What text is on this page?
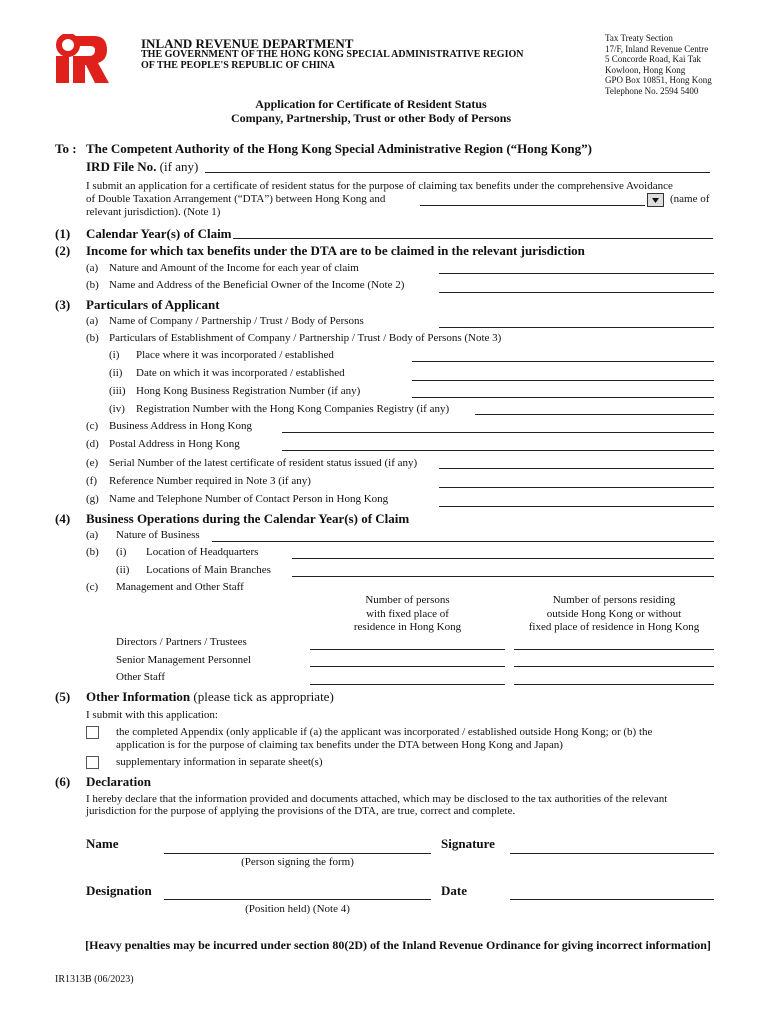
INLAND REVENUE DEPARTMENT
THE GOVERNMENT OF THE HONG KONG SPECIAL ADMINISTRATIVE REGION
OF THE PEOPLE'S REPUBLIC OF CHINA
Tax Treaty Section
17/F, Inland Revenue Centre
5 Concorde Road, Kai Tak
Kowloon, Hong Kong
GPO Box 10851, Hong Kong
Telephone No. 2594 5400
Application for Certificate of Resident Status
Company, Partnership, Trust or other Body of Persons
To : The Competent Authority of the Hong Kong Special Administrative Region (“Hong Kong”)
IRD File No. (if any)
I submit an application for a certificate of resident status for the purpose of claiming tax benefits under the comprehensive Avoidance
of Double Taxation Arrangement (“DTA”) between Hong Kong and	(name of
relevant jurisdiction). (Note 1)
(1) Calendar Year(s) of Claim
(2) Income for which tax benefits under the DTA are to be claimed in the relevant jurisdiction
(a) Nature and Amount of the Income for each year of claim
(b) Name and Address of the Beneficial Owner of the Income (Note 2)
(3) Particulars of Applicant
(a) Name of Company / Partnership / Trust / Body of Persons
(b) Particulars of Establishment of Company / Partnership / Trust / Body of Persons (Note 3)
(i) Place where it was incorporated / established
(ii) Date on which it was incorporated / established
(iii) Hong Kong Business Registration Number (if any)
(iv) Registration Number with the Hong Kong Companies Registry (if any)
(c) Business Address in Hong Kong
(d) Postal Address in Hong Kong
(e) Serial Number of the latest certificate of resident status issued (if any)
(f) Reference Number required in Note 3 (if any)
(g) Name and Telephone Number of Contact Person in Hong Kong
(4) Business Operations during the Calendar Year(s) of Claim
(a) Nature of Business
(b) (i) Location of Headquarters
(ii) Locations of Main Branches
(c) Management and Other Staff
Number of persons
with fixed place of
residence in Hong Kong
Number of persons residing
outside Hong Kong or without
fixed place of residence in Hong Kong
Directors / Partners / Trustees
Senior Management Personnel
Other Staff
(5) Other Information (please tick as appropriate)
I submit with this application:
the completed Appendix (only applicable if (a) the applicant was incorporated / established outside Hong Kong; or (b) the
application is for the purpose of claiming tax benefits under the DTA between Hong Kong and Japan)
supplementary information in separate sheet(s)
(6) Declaration
I hereby declare that the information provided and documents attached, which may be disclosed to the tax authorities of the relevant
jurisdiction for the purpose of applying the provisions of the DTA, are true, correct and complete.
Name
(Person signing the form)
Signature
Designation
(Position held) (Note 4)
Date
[Heavy penalties may be incurred under section 80(2D) of the Inland Revenue Ordinance for giving incorrect information]
IR1313B (06/2023)
